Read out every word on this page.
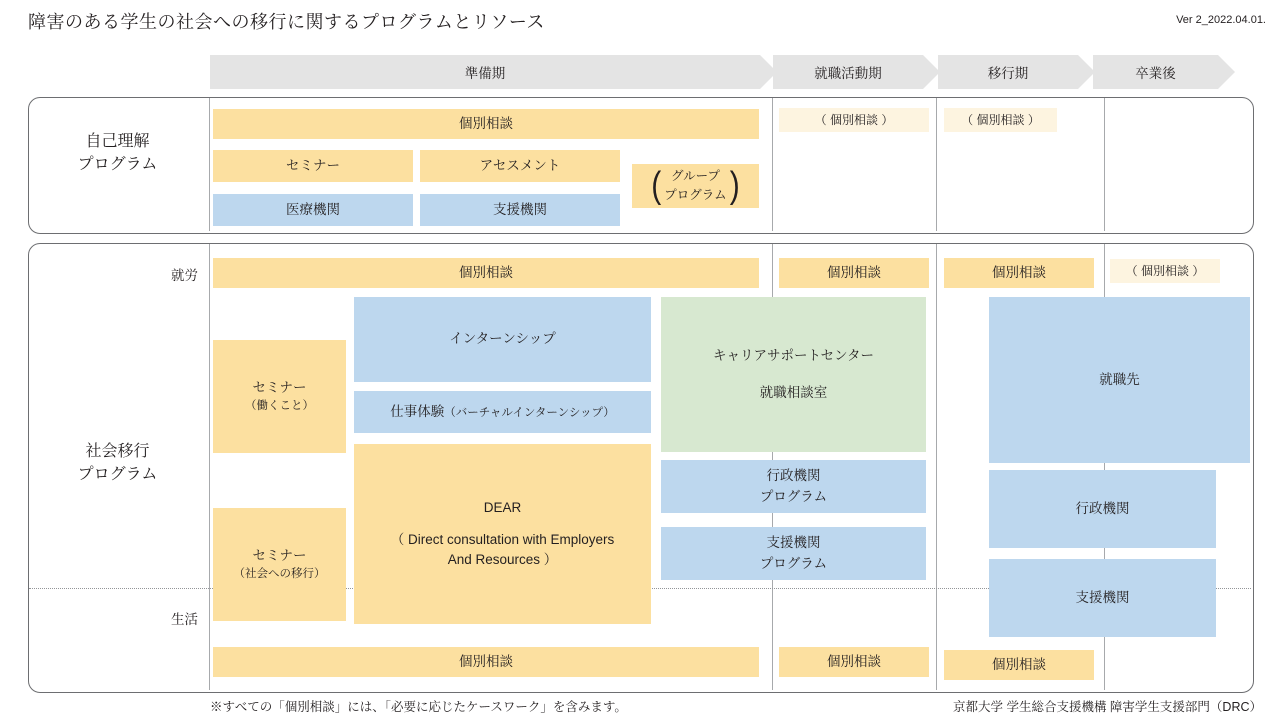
障害のある学生の社会への移行に関するプログラムとリソース	Ver 2_2022.04.01.
準備期	就職活動期	移行期	卒業後
自己理解
プログラム
個別相談	（ 個別相談 ）	（ 個別相談 ）
セミナー	アセスメント	( グループ
プログラム )
医療機関	支援機関
社会移行
プログラム
就労
生活
個別相談	個別相談	個別相談	（ 個別相談 ）
セミナー
（働くこと）
セミナー
（社会への移行）
インターンシップ
仕事体験（バーチャルインターンシップ）
DEAR
（ Direct consultation with Employers
And Resources ）
キャリアサポートセンター
就職相談室
行政機関
プログラム
支援機関
プログラム
就職先
行政機関
支援機関
個別相談	個別相談	個別相談
※すべての「個別相談」には、「必要に応じたケースワーク」を含みます。	京都大学 学生総合支援機構 障害学生支援部門（DRC）
